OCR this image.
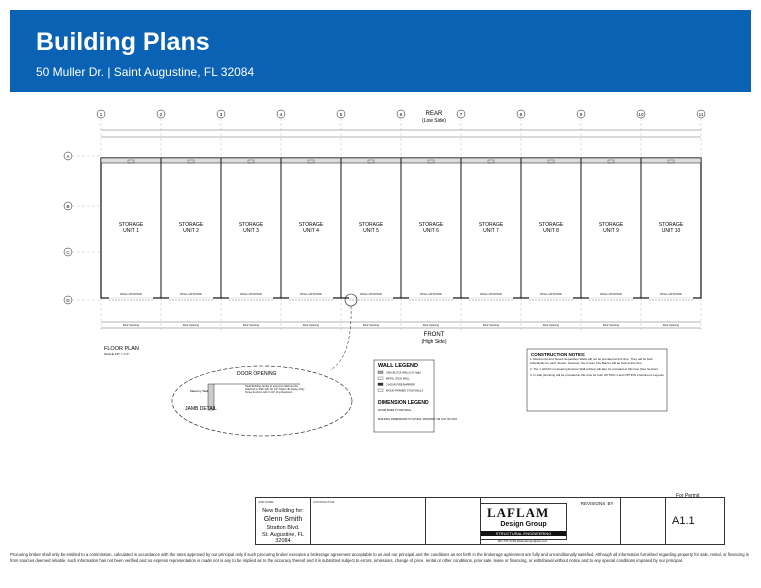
Building Plans
50 Muller Dr. | Saint Augustine, FL 32084
REAR
(Low Side)
1	2	3	4	5	6	7	8	9	10	11
A
B
C
D
STORAGE
UNIT 1
ROLL-UP DOOR
Door Opening
STORAGE
UNIT 2
ROLL-UP DOOR
Door Opening
STORAGE
UNIT 3
ROLL-UP DOOR
Door Opening
STORAGE
UNIT 4
ROLL-UP DOOR
Door Opening
STORAGE
UNIT 5
ROLL-UP DOOR
Door Opening
STORAGE
UNIT 6
ROLL-UP DOOR
Door Opening
STORAGE
UNIT 7
ROLL-UP DOOR
Door Opening
STORAGE
UNIT 8
ROLL-UP DOOR
Door Opening
STORAGE
UNIT 9
ROLL-UP DOOR
Door Opening
STORAGE
UNIT 10
ROLL-UP DOOR
Door Opening
FRONT
(High Side)
FLOOR PLAN
SCALE 1/8" = 1'-0"
DOOR OPENING
Masonry Wall
Steel Building Jambs to extend to Slab and be attached to Slab with (2) 1/2" Tilgen HD Heavy Duty Screw Anchors with 3 1/2" of embedment
JAMB DETAIL
WALL LEGEND
CMU BLOCK WALLS (4' high)
METAL STUD WALL
2 HOUR FIRE BARRIER
WOOD FRAMED STUD WALLS
DIMENSION LEGEND
ROOM SIZES TO DRYWALL
BUILDING DIMENSIONS TO STUDS, MASONRY OR OUT OF CMT
CONSTRUCTION NOTES:
1. Restrooms and Tenant Separation Walls will not be provided at this time. They will be built individually for each Tenant. However, the 2 Hour Fire Barrier will be built at this time.
2. The 1 HOUR non-bearing Exterior Wall at Rear will also be provided at this time (See Section)
3. In slab plumbing will be provided at this time for both OPTION 1 and OPTION 2 Restroom Layouts
For Permit
JOB NAME:
New Building for:
Glenn Smith
Stratton Blvd.
St. Augustine, FL 32084
CONTRACTOR:	REVISIONS BY
LAFLAM
Design Group
STRUCTURAL ENGINEERING
904.797.3749 laflamdesign@aol.com
A1.1
Procuring broker shall only be entitled to a commission, calculated in accordance with the rates approved by our principal only if such procuring broker executes a brokerage agreement acceptable to us and our principal and the conditions as set forth in the brokerage agreement are fully and unconditionally satisfied. Although all information furnished regarding property for sale, rental, or financing is from sources deemed reliable, such information has not been verified and no express representation is made nor is any to be implied as to the accuracy thereof and it is submitted subject to errors, omissions, change of price, rental or other conditions, prior sale, lease or financing, or withdrawal without notice and to any special conditions imposed by our principal.
